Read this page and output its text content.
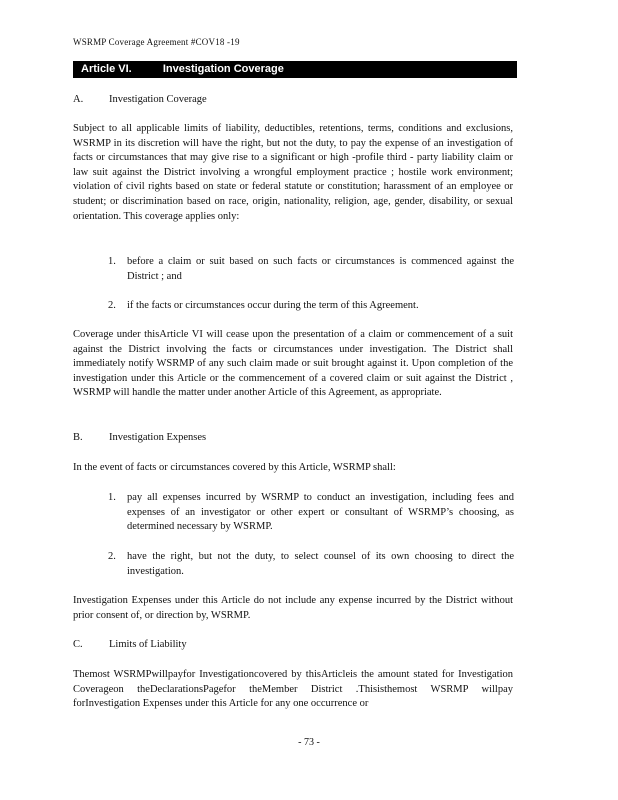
WSRMP Coverage Agreement #COV18 -19
Article VI.	Investigation Coverage
A. Investigation Coverage

Subject to all applicable limits of liability, deductibles, retentions, terms, conditions and exclusions, WSRMP in its discretion will have the right, but not the duty, to pay the expense of an investigation of facts or circumstances that may give rise to a significant or high -profile third - party liability claim or law suit against the District involving a wrongful employment practice ; hostile work environment; violation of civil rights based on state or federal statute or constitution; harassment of an employee or student; or discrimination based on race, origin, nationality, religion, age, gender, disability, or sexual orientation. This coverage applies only:

1.	before a claim or suit based on such facts or circumstances is commenced against the District ; and
2.	if the facts or circumstances occur during the term of this Agreement.

Coverage under thisArticle VI will cease upon the presentation of a claim or commencement of a suit against the District involving the facts or circumstances under investigation. The District shall immediately notify WSRMP of any such claim made or suit brought against it. Upon completion of the investigation under this Article or the commencement of a covered claim or suit against the District , WSRMP will handle the matter under another Article of this Agreement, as appropriate.

B.	Investigation Expenses

In the event of facts or circumstances covered by this Article, WSRMP shall:

1.	pay all expenses incurred by WSRMP to conduct an investigation, including fees and expenses of an investigator or other expert or consultant of WSRMP’s choosing, as determined necessary by WSRMP.
2.	have the right, but not the duty, to select counsel of its own choosing to direct the investigation.

Investigation Expenses under this Article do not include any expense incurred by the District without prior consent of, or direction by, WSRMP.

C.	Limits of Liability

Themost WSRMPwillpayfor Investigationcovered by thisArticleis the amount stated for Investigation Coverageon theDeclarationsPagefor theMember District .Thisisthemost WSRMP willpay forInvestigation Expenses under this Article for any one occurrence or

- 73 -
